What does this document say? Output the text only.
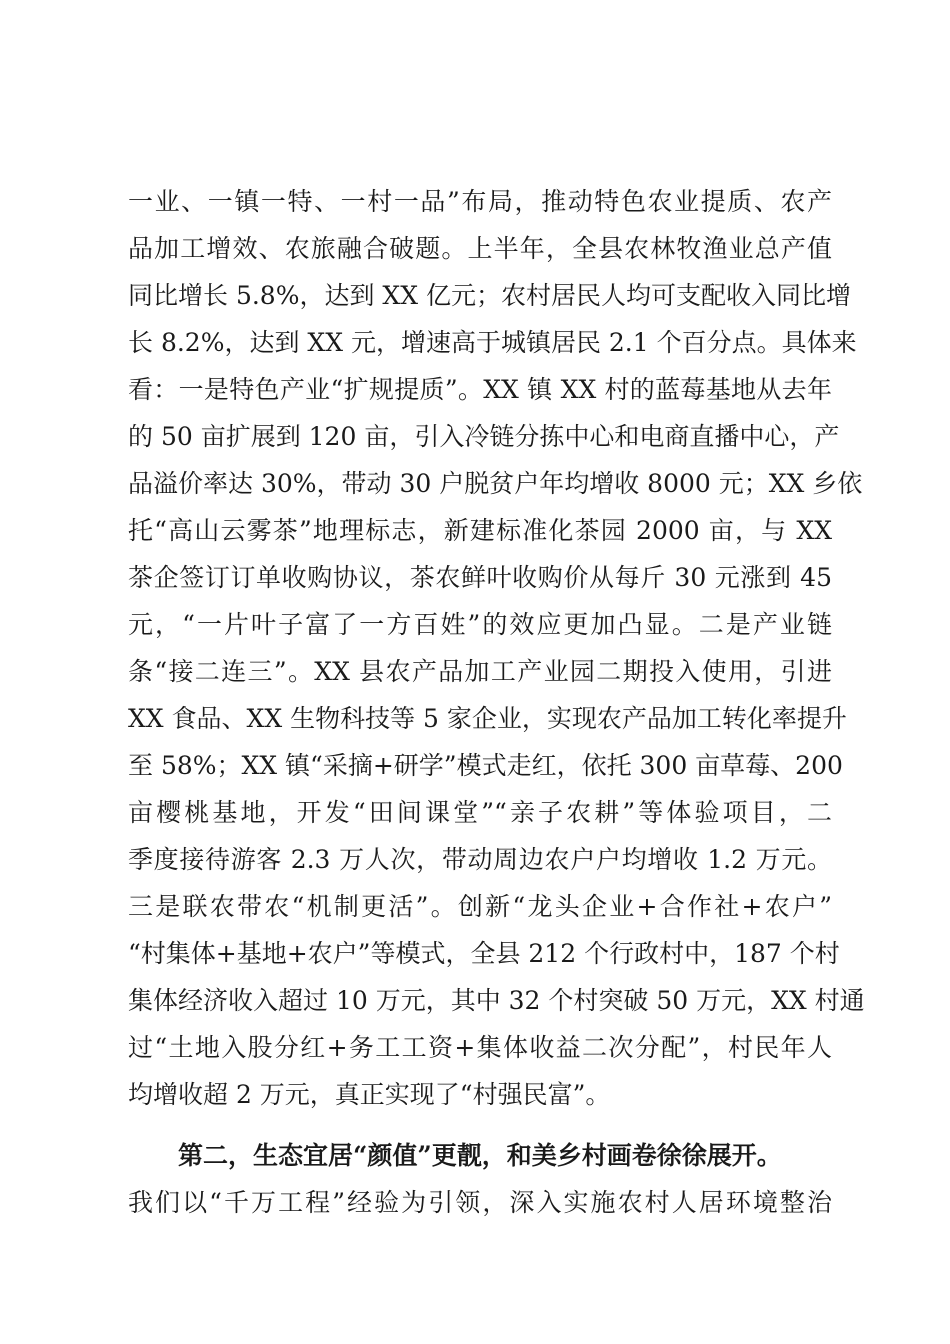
一业、一镇一特、一村一品”布局，推动特色农业提质、农产
品加工增效、农旅融合破题。上半年，全县农林牧渔业总产值
同比增长 5.8%，达到 XX 亿元；农村居民人均可支配收入同比增
长 8.2%，达到 XX 元，增速高于城镇居民 2.1 个百分点。具体来
看：一是特色产业“扩规提质”。XX 镇 XX 村的蓝莓基地从去年
的 50 亩扩展到 120 亩，引入冷链分拣中心和电商直播中心，产
品溢价率达 30%，带动 30 户脱贫户年均增收 8000 元；XX 乡依
托“高山云雾茶”地理标志，新建标准化茶园 2000 亩，与 XX
茶企签订订单收购协议，茶农鲜叶收购价从每斤 30 元涨到 45
元，“一片叶子富了一方百姓”的效应更加凸显。二是产业链
条“接二连三”。XX 县农产品加工产业园二期投入使用，引进
XX 食品、XX 生物科技等 5 家企业，实现农产品加工转化率提升
至 58%；XX 镇“采摘+研学”模式走红，依托 300 亩草莓、200
亩樱桃基地，开发“田间课堂”“亲子农耕”等体验项目，二
季度接待游客 2.3 万人次，带动周边农户户均增收 1.2 万元。
三是联农带农“机制更活”。创新“龙头企业+合作社+农户”
“村集体+基地+农户”等模式，全县 212 个行政村中，187 个村
集体经济收入超过 10 万元，其中 32 个村突破 50 万元，XX 村通
过“土地入股分红+务工工资+集体收益二次分配”，村民年人
均增收超 2 万元，真正实现了“村强民富”。
第二，生态宜居“颜值”更靓，和美乡村画卷徐徐展开。
我们以“千万工程”经验为引领，深入实施农村人居环境整治
